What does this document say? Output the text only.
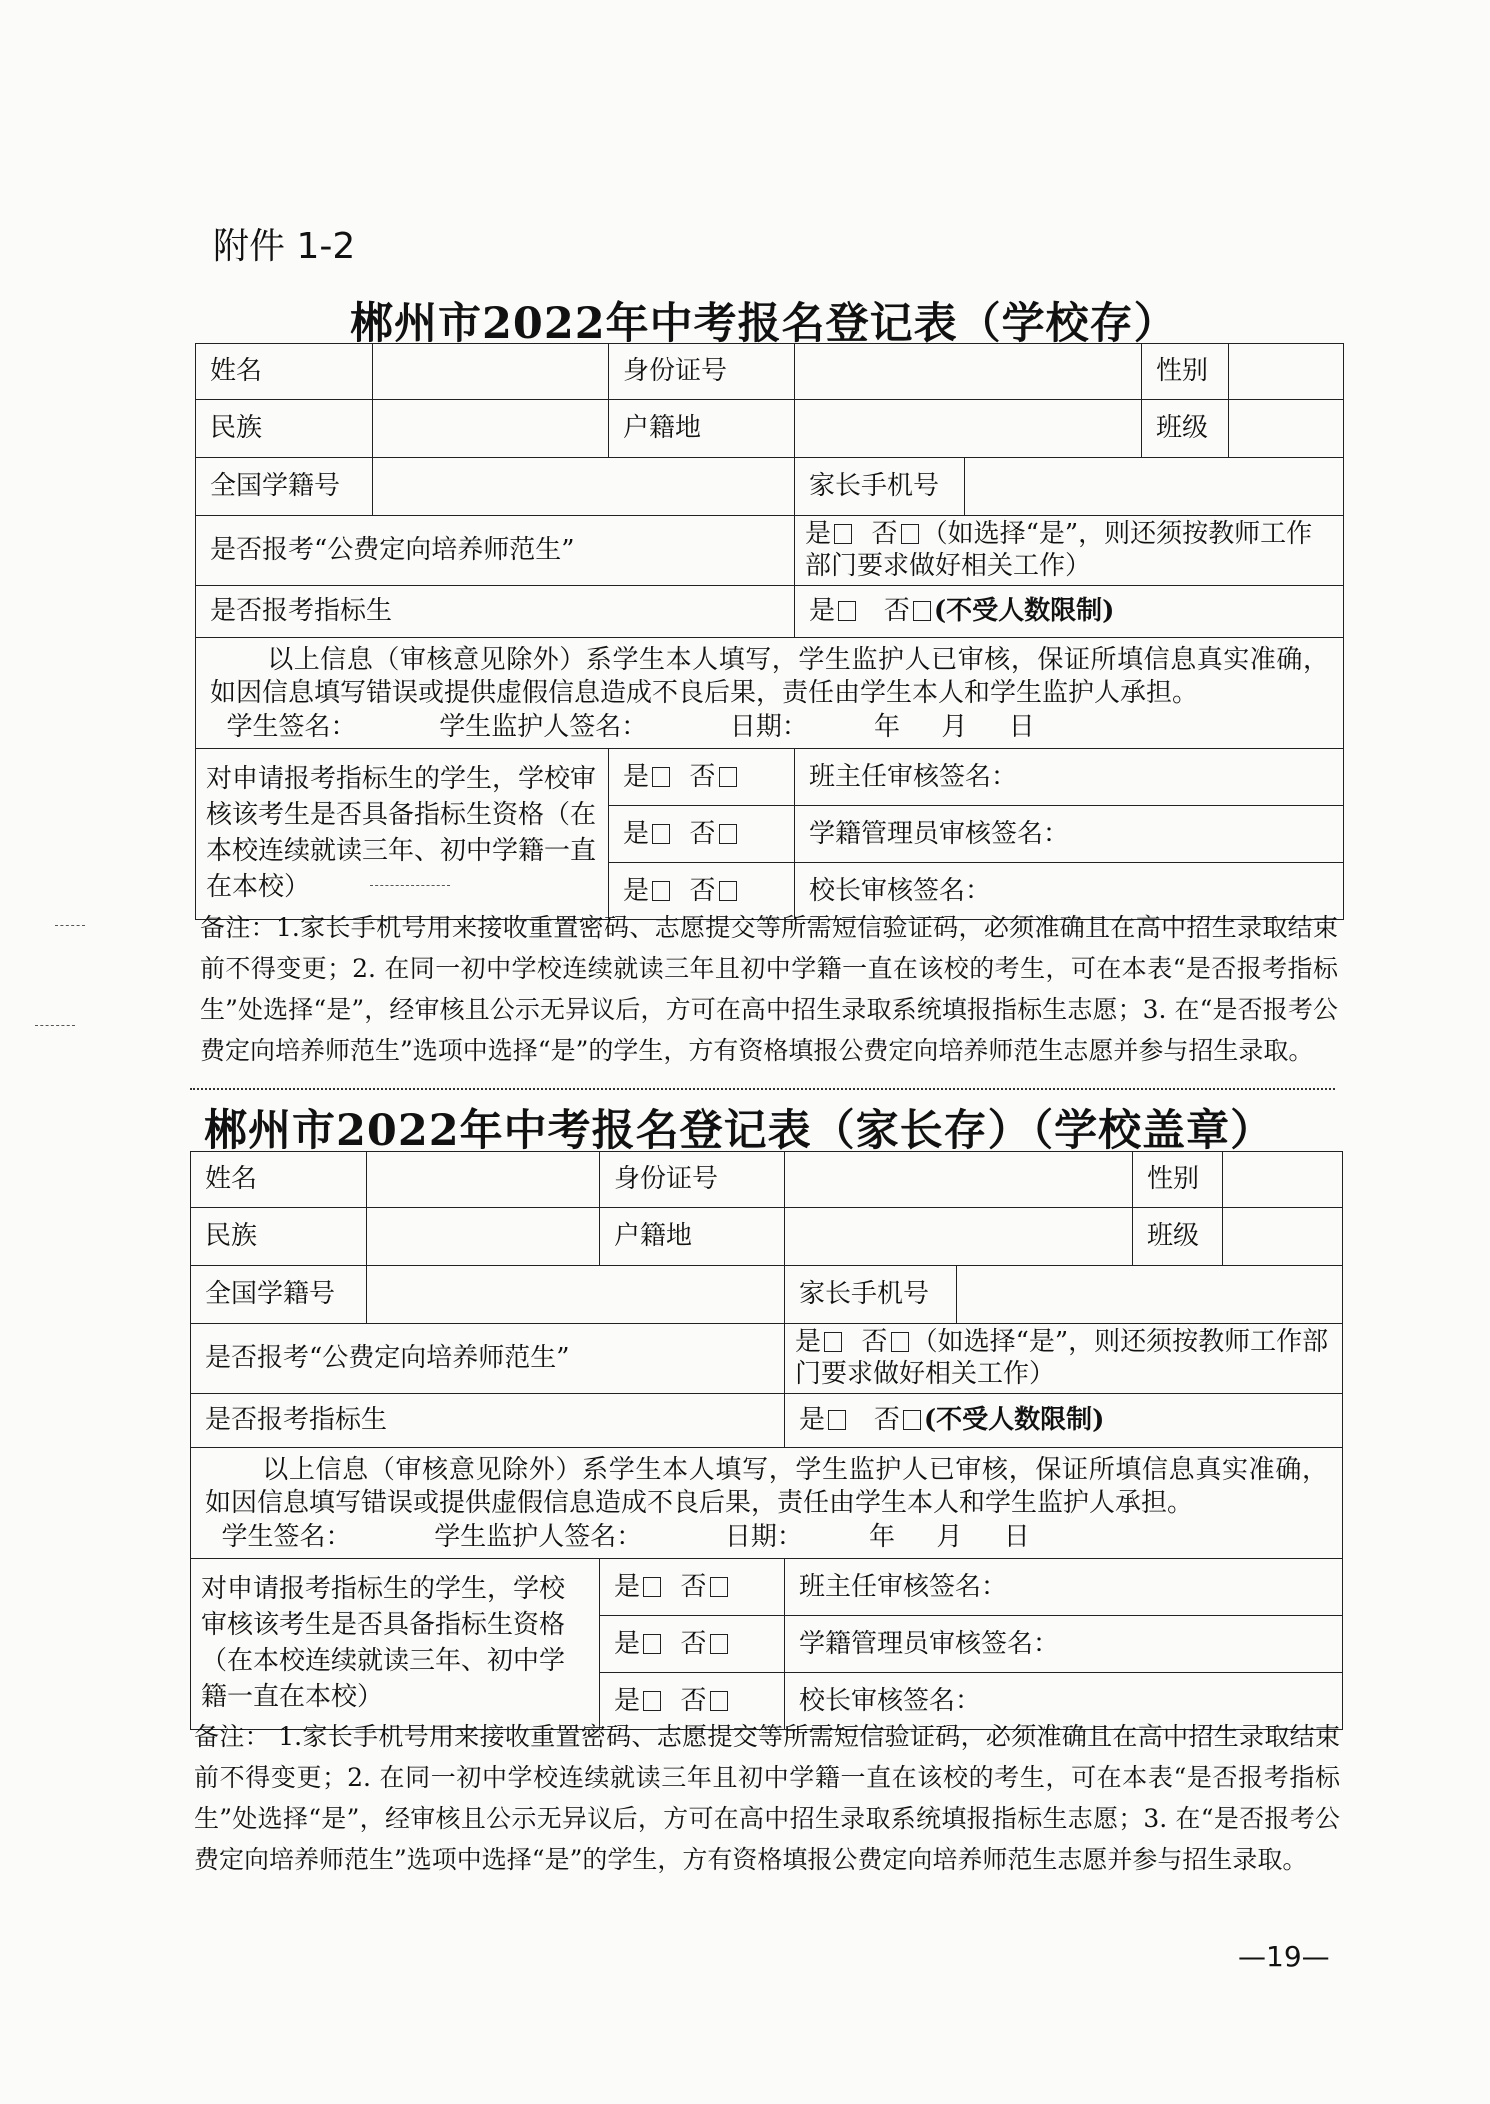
附件 1-2
郴州市2022年中考报名登记表（学校存）
姓名		身份证号			性别	
民族		户籍地			班级	
全国学籍号			家长手机号			
是否报考“公费定向培养师范生”			是 否 （如选择“是”，则还须按教师工作部门要求做好相关工作）			
是否报考指标生			是 否 (不受人数限制)			

以上信息（审核意见除外）系学生本人填写，学生监护人已审核，保证所填信息真实准确，如因信息填写错误或提供虚假信息造成不良后果，责任由学生本人和学生监护人承担。
学生签名： 学生监护人签名： 日期： 年 月 日						

对申请报考指标生的学生，学校审核该考生是否具备指标生资格（在本校连续就读三年、初中学籍一直在本校）		是 否	班主任审核签名：			
		是 否	学籍管理员审核签名：			
		是 否	校长审核签名：			
备注：1.家长手机号用来接收重置密码、志愿提交等所需短信验证码，必须准确且在高中招生录取结束前不得变更；2. 在同一初中学校连续就读三年且初中学籍一直在该校的考生，可在本表“是否报考指标生”处选择“是”，经审核且公示无异议后，方可在高中招生录取系统填报指标生志愿；3. 在“是否报考公费定向培养师范生”选项中选择“是”的学生，方有资格填报公费定向培养师范生志愿并参与招生录取。
郴州市2022年中考报名登记表（家长存）（学校盖章）
姓名		身份证号			性别	
民族		户籍地			班级	
全国学籍号			家长手机号			
是否报考“公费定向培养师范生”			是 否 （如选择“是”，则还须按教师工作部门要求做好相关工作）			
是否报考指标生			是 否 (不受人数限制)			

以上信息（审核意见除外）系学生本人填写，学生监护人已审核，保证所填信息真实准确，如因信息填写错误或提供虚假信息造成不良后果，责任由学生本人和学生监护人承担。
学生签名： 学生监护人签名： 日期： 年 月 日						

对申请报考指标生的学生，学校审核该考生是否具备指标生资格（在本校连续就读三年、初中学籍一直在本校）		是 否	班主任审核签名：			
		是 否	学籍管理员审核签名：			
		是 否	校长审核签名：			
备注： 1.家长手机号用来接收重置密码、志愿提交等所需短信验证码，必须准确且在高中招生录取结束前不得变更；2. 在同一初中学校连续就读三年且初中学籍一直在该校的考生，可在本表“是否报考指标生”处选择“是”，经审核且公示无异议后，方可在高中招生录取系统填报指标生志愿；3. 在“是否报考公费定向培养师范生”选项中选择“是”的学生，方有资格填报公费定向培养师范生志愿并参与招生录取。
—19—
